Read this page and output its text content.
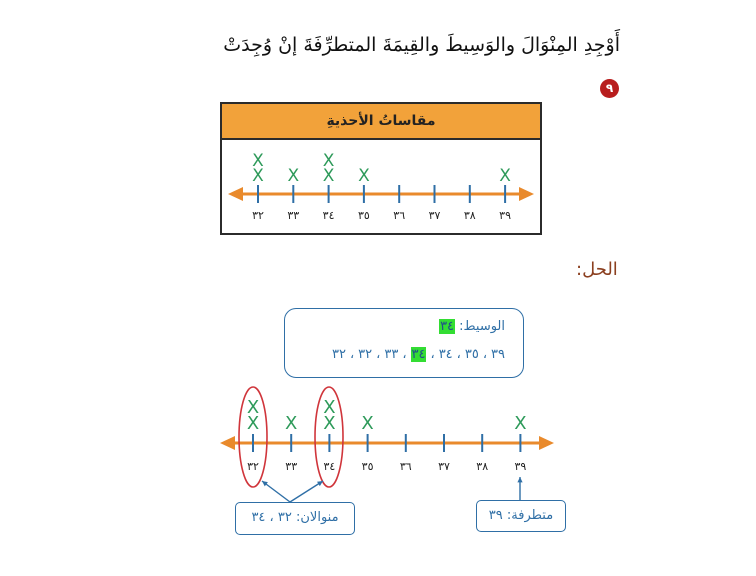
أَوْجِدِ المِنْوَالَ والوَسِيطَ والقِيمَةَ المتطرِّفَةَ إنْ وُجِدَتْ
٩
مقاساتُ الأحذيةِ
٣٢
X
X
٣٣
X
٣٤
X
X
٣٥
X
٣٦ ٣٧ ٣٨ ٣٩
X
الحل:
الوسيط: ٣٤
٣٢ ، ٣٢ ، ٣٣ ، ٣٤ ، ٣٤ ، ٣٥ ، ٣٩
٣٢
X
X
٣٣
X
٣٤
X
X
٣٥
X
٣٦ ٣٧ ٣٨ ٣٩
X
منوالان: ٣٢ ، ٣٤	متطرفة: ٣٩
